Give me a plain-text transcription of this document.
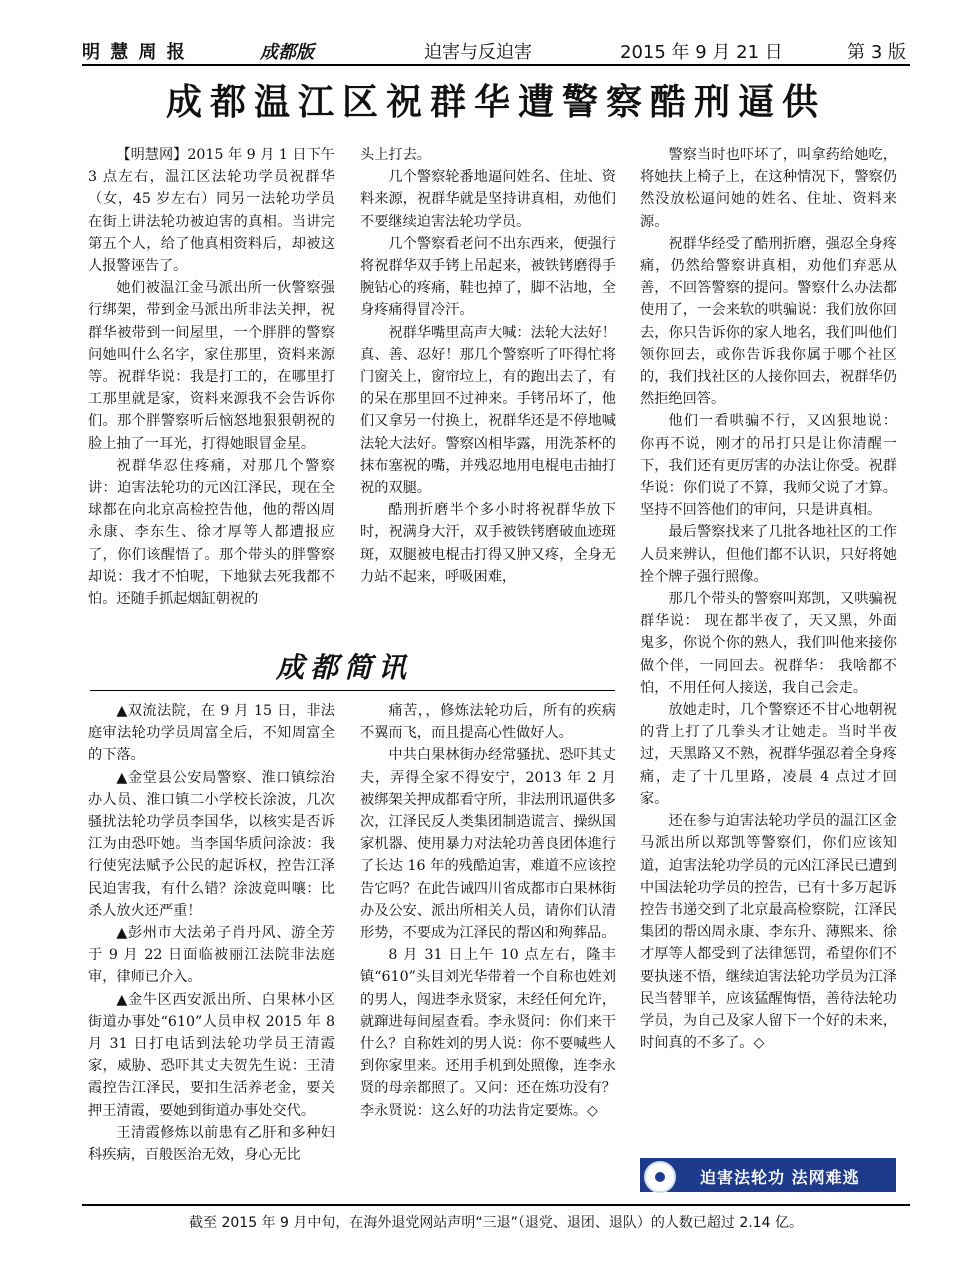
明 慧 周 报	成都版	迫害与反迫害	2015 年 9 月 21 日	第 3 版
成都温江区祝群华遭警察酷刑逼供

【明慧网】2015 年 9 月 1 日下午 3 点左右，温江区法轮功学员祝群华（女，45 岁左右）同另一法轮功学员在街上讲法轮功被迫害的真相。当讲完第五个人，给了他真相资料后，却被这人报警诬告了。

她们被温江金马派出所一伙警察强行绑架，带到金马派出所非法关押，祝群华被带到一间屋里，一个胖胖的警察问她叫什么名字，家住那里，资料来源等。祝群华说：我是打工的，在哪里打工那里就是家，资料来源我不会告诉你们。那个胖警察听后恼怒地狠狠朝祝的脸上抽了一耳光，打得她眼冒金星。

祝群华忍住疼痛，对那几个警察讲：迫害法轮功的元凶江泽民，现在全球都在向北京高检控告他，他的帮凶周永康、李东生、徐才厚等人都遭报应了，你们该醒悟了。那个带头的胖警察却说：我才不怕呢，下地狱去死我都不怕。还随手抓起烟缸朝祝的

头上打去。

几个警察轮番地逼问姓名、住址、资料来源，祝群华就是坚持讲真相，劝他们不要继续迫害法轮功学员。

几个警察看老问不出东西来，便强行将祝群华双手铐上吊起来，被铁铐磨得手腕钻心的疼痛，鞋也掉了，脚不沾地，全身疼痛得冒冷汗。

祝群华嘴里高声大喊：法轮大法好！真、善、忍好！那几个警察听了吓得忙将门窗关上，窗帘垃上，有的跑出去了，有的呆在那里回不过神来。手铐吊坏了，他们又拿另一付换上，祝群华还是不停地喊法轮大法好。警察凶相毕露，用洗茶杯的抹布塞祝的嘴，并残忍地用电棍电击抽打祝的双腿。

酷刑折磨半个多小时将祝群华放下时，祝满身大汗，双手被铁铐磨破血迹斑斑，双腿被电棍击打得又肿又疼，全身无力站不起来，呼吸困难，

警察当时也吓坏了，叫拿药给她吃，将她扶上椅子上，在这种情况下，警察仍然没放松逼问她的姓名、住址、资料来源。

祝群华经受了酷刑折磨，强忍全身疼痛，仍然给警察讲真相，劝他们弃恶从善，不回答警察的提问。警察什么办法都使用了，一会来软的哄骗说：我们放你回去，你只告诉你的家人地名，我们叫他们领你回去，或你告诉我你属于哪个社区的，我们找社区的人接你回去，祝群华仍然拒绝回答。

他们一看哄骗不行，又凶狠地说： 你再不说，刚才的吊打只是让你清醒一下，我们还有更厉害的办法让你受。祝群华说：你们说了不算，我师父说了才算。坚持不回答他们的审问，只是讲真相。

最后警察找来了几批各地社区的工作人员来辨认，但他们都不认识，只好将她拴个牌子强行照像。

那几个带头的警察叫郑凯，又哄骗祝群华说： 现在都半夜了，天又黑，外面鬼多，你说个你的熟人，我们叫他来接你做个伴，一同回去。祝群华： 我啥都不怕，不用任何人接送，我自己会走。

放她走时，几个警察还不甘心地朝祝的背上打了几拳头才让她走。当时半夜过，天黑路又不熟，祝群华强忍着全身疼痛，走了十几里路，凌晨 4 点过才回家。

还在参与迫害法轮功学员的温江区金马派出所以郑凯等警察们，你们应该知道，迫害法轮功学员的元凶江泽民已遭到中国法轮功学员的控告，已有十多万起诉控告书递交到了北京最高检察院，江泽民集团的帮凶周永康、李东升、薄熙来、徐才厚等人都受到了法律惩罚，希望你们不要执迷不悟，继续迫害法轮功学员为江泽民当替罪羊，应该猛醒悔悟，善待法轮功学员，为自己及家人留下一个好的未来，时间真的不多了。◇

成都简讯

▲双流法院，在 9 月 15 日，非法庭审法轮功学员周富全后，不知周富全的下落。

▲金堂县公安局警察、淮口镇综治办人员、淮口镇二小学校长涂波，几次骚扰法轮功学员李国华，以核实是否诉江为由恐吓她。当李国华质问涂波：我行使宪法赋予公民的起诉权，控告江泽民迫害我，有什么错？涂波竟叫嚷：比杀人放火还严重！

▲彭州市大法弟子肖丹风、游全芳于 9 月 22 日面临被丽江法院非法庭审，律师已介入。

▲金牛区西安派出所、白果林小区街道办事处“610”人员申权 2015 年 8 月 31 日打电话到法轮功学员王清霞家，威胁、恐吓其丈夫贺先生说：王清霞控告江泽民，要扣生活养老金，要关押王清霞，要她到街道办事处交代。

王清霞修炼以前患有乙肝和多种妇科疾病，百般医治无效，身心无比

痛苦，，修炼法轮功后，所有的疾病不翼而飞，而且提高心性做好人。

中共白果林街办经常骚扰、恐吓其丈夫，弄得全家不得安宁，2013 年 2 月被绑架关押成都看守所，非法刑讯逼供多次，江泽民反人类集团制造谎言、操纵国家机器、使用暴力对法轮功善良团体進行了长达 16 年的残酷迫害，难道不应该控告它吗？在此告诫四川省成都市白果林街办及公安、派出所相关人员，请你们认清形势，不要成为江泽民的帮凶和殉葬品。

8 月 31 日上午 10 点左右，隆丰镇“610”头目刘光华带着一个自称也姓刘的男人，闯进李永贤家，未经任何允许，就蹿进每间屋查看。李永贤问：你们来干什么？自称姓刘的男人说：你不要喊些人到你家里来。还用手机到处照像，连李永贤的母亲都照了。又问：还在炼功没有？李永贤说：这么好的功法肯定要炼。◇

迫害法轮功 法网难逃
截至 2015 年 9 月中旬，在海外退党网站声明“三退”（退党、退团、退队）的人数已超过 2.14 亿。
